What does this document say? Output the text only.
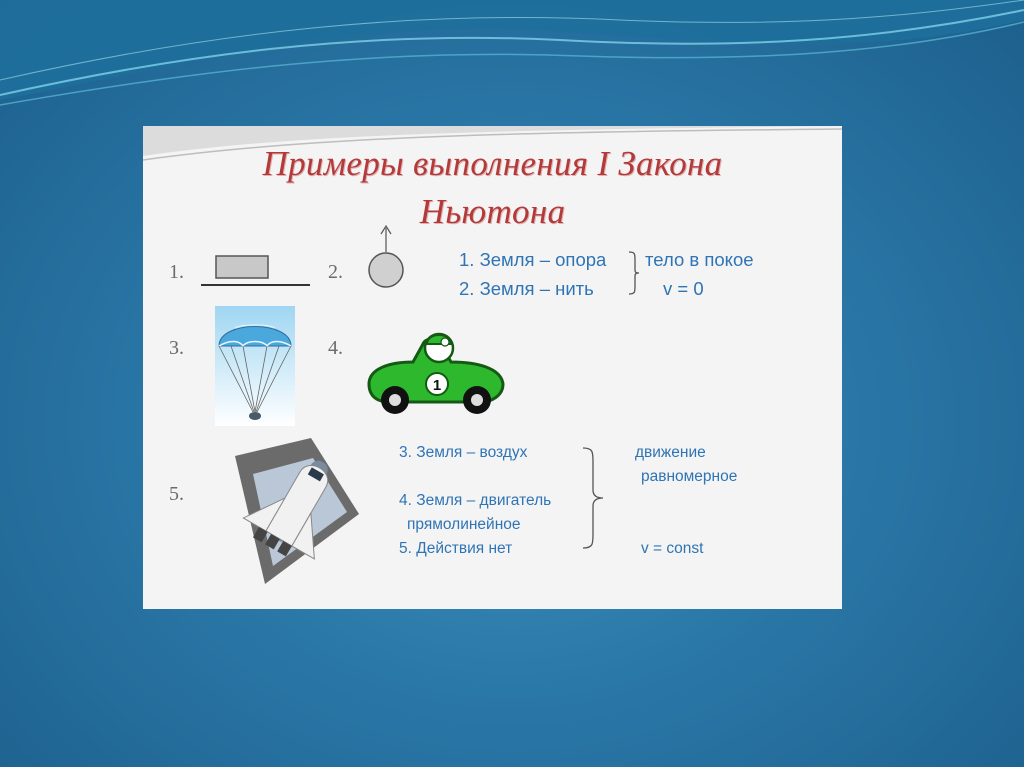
Примеры выполнения I Закона
Ньютона
1.	2.
3.	4.
5.
1. Земля – опора
2. Земля – нить
тело в покое
v = 0
1
3. Земля – воздух
4. Земля – двигатель
прямолинейное
5. Действия нет
движение
равномерное
v = const
